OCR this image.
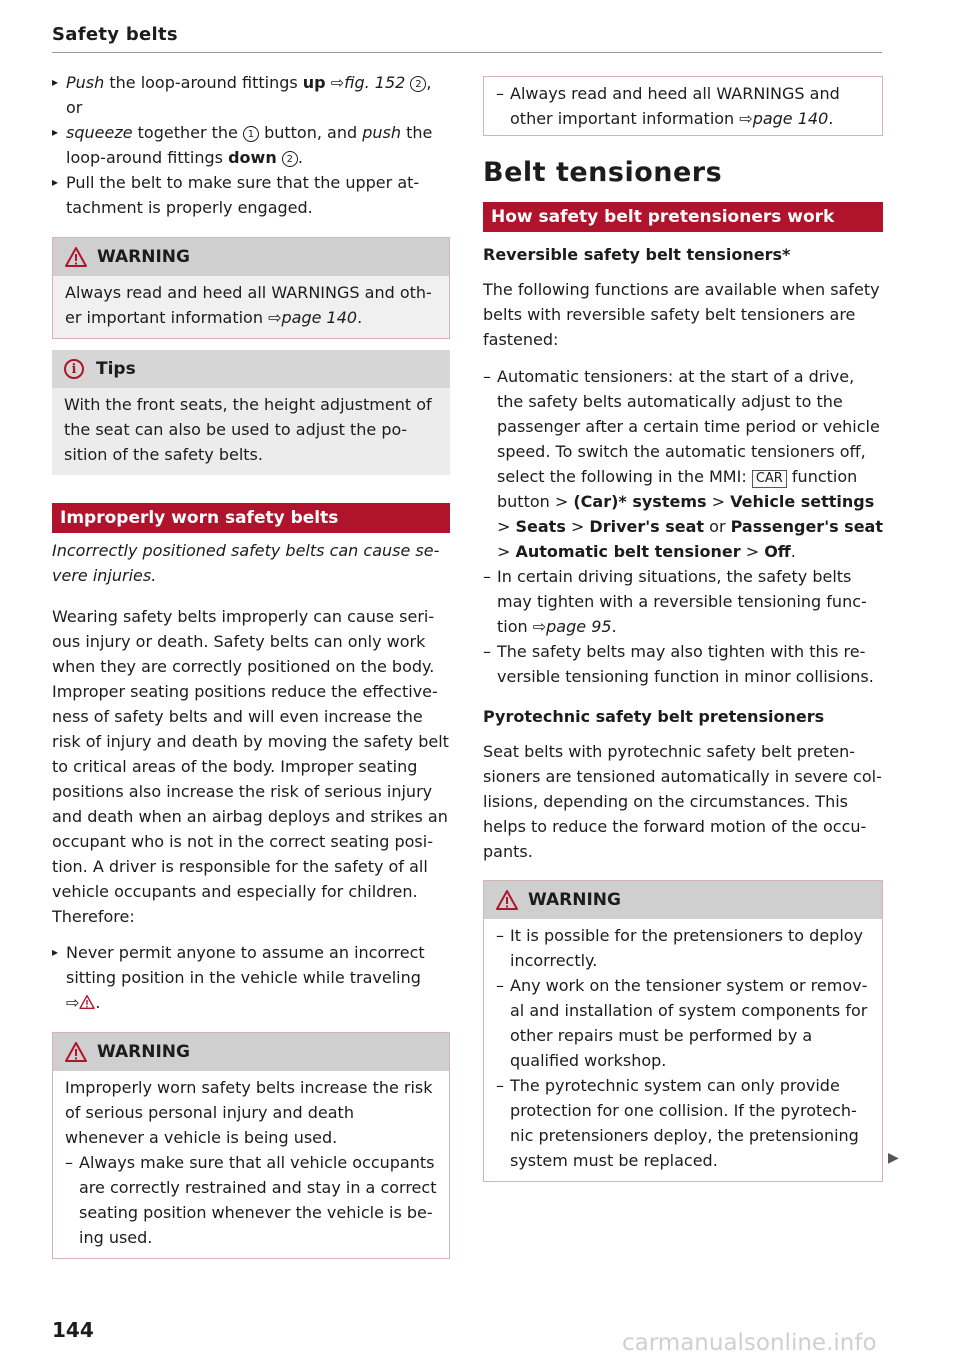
Safety belts

▸ Push the loop-around fittings up ⇨fig. 152 2 ,

or

▸ squeeze together the 1 button, and push the loop-around fittings down 2 .

▸ Pull the belt to make sure that the upper attachment is properly engaged.

WARNING

Always read and heed all WARNINGS and other important information ⇨page 140.

i	Tips

With the front seats, the height adjustment of the seat can also be used to adjust the position of the safety belts.

Improperly worn safety belts

Incorrectly positioned safety belts can cause severe injuries.

Wearing safety belts improperly can cause serious injury or death. Safety belts can only work when they are correctly positioned on the body. Improper seating positions reduce the effectiveness of safety belts and will even increase the risk of injury and death by moving the safety belt to critical areas of the body. Improper seating positions also increase the risk of serious injury and death when an airbag deploys and strikes an occupant who is not in the correct seating position. A driver is responsible for the safety of all vehicle occupants and especially for children. Therefore:

▸ Never permit anyone to assume an incorrect sitting position in the vehicle while traveling
⇨ .

WARNING

Improperly worn safety belts increase the risk of serious personal injury and death whenever a vehicle is being used.

– Always make sure that all vehicle occupants are correctly restrained and stay in a correct seating position whenever the vehicle is being used.

– Always read and heed all WARNINGS and other important information ⇨page 140.

Belt tensioners
How safety belt pretensioners work

Reversible safety belt tensioners*

The following functions are available when safety belts with reversible safety belt tensioners are fastened:

– Automatic tensioners: at the start of a drive, the safety belts automatically adjust to the passenger after a certain time period or vehicle speed. To switch the automatic tensioners off, select the following in the MMI: CAR function button > (Car)* systems > Vehicle settings > Seats > Driver's seat or Passenger's seat > Automatic belt tensioner > Off.

– In certain driving situations, the safety belts may tighten with a reversible tensioning function ⇨page 95.

– The safety belts may also tighten with this reversible tensioning function in minor collisions.

Pyrotechnic safety belt pretensioners

Seat belts with pyrotechnic safety belt pretensioners are tensioned automatically in severe collisions, depending on the circumstances. This helps to reduce the forward motion of the occupants.

WARNING

– It is possible for the pretensioners to deploy incorrectly.

– Any work on the tensioner system or removal and installation of system components for other repairs must be performed by a qualified workshop.

– The pyrotechnic system can only provide protection for one collision. If the pyrotechnic pretensioners deploy, the pretensioning system must be replaced.	▶
144	carmanualsonline.info
